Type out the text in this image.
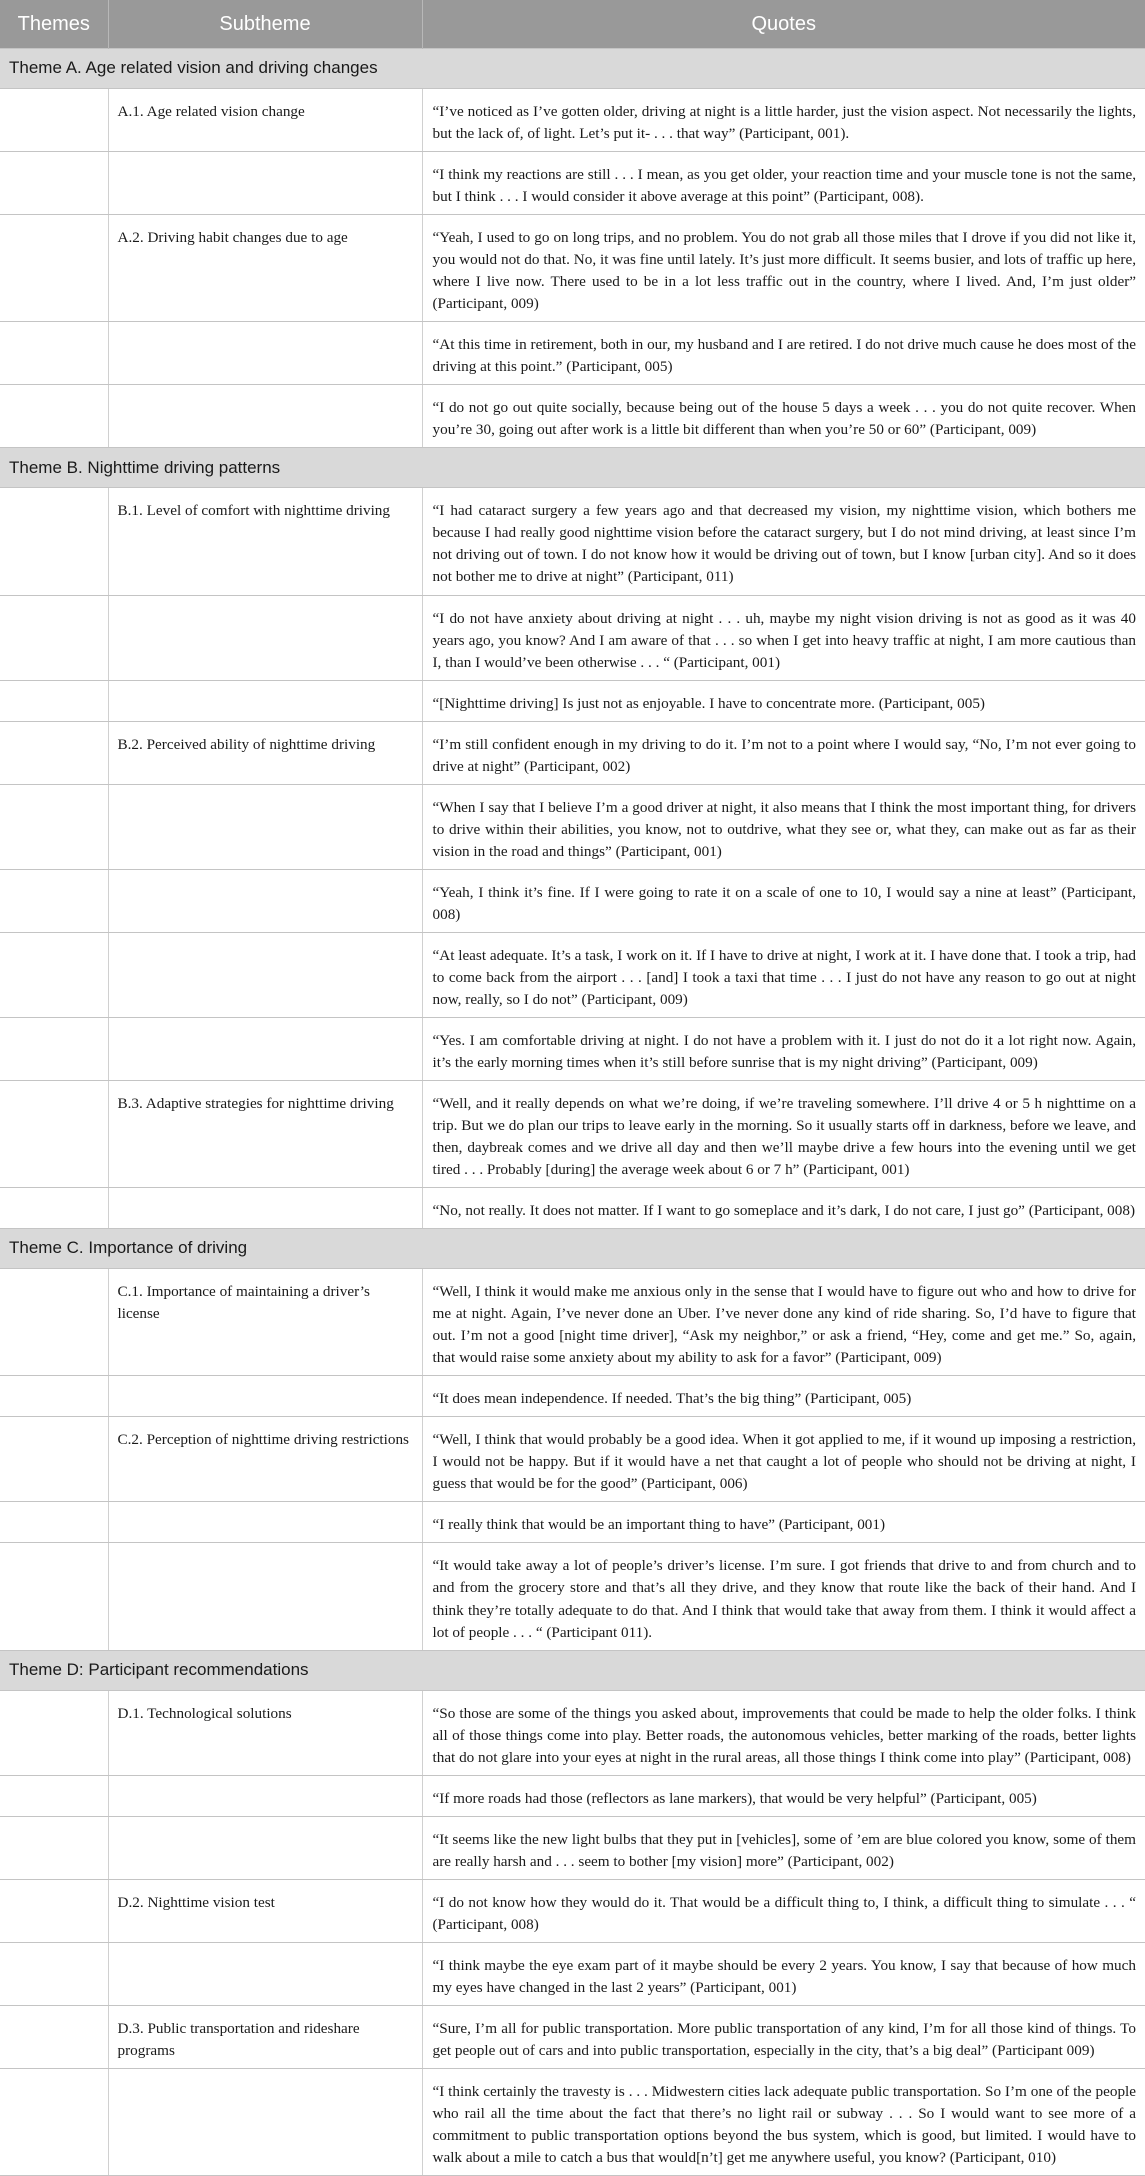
Themes	Subtheme	Quotes
Theme A. Age related vision and driving changes		
	A.1. Age related vision change	“I’ve noticed as I’ve gotten older, driving at night is a little harder, just the vision aspect. Not necessarily the lights, but the lack of, of light. Let’s put it- . . . that way” (Participant, 001).
		“I think my reactions are still . . . I mean, as you get older, your reaction time and your muscle tone is not the same, but I think . . . I would consider it above average at this point” (Participant, 008).
	A.2. Driving habit changes due to age	“Yeah, I used to go on long trips, and no problem. You do not grab all those miles that I drove if you did not like it, you would not do that. No, it was fine until lately. It’s just more difficult. It seems busier, and lots of traffic up here, where I live now. There used to be in a lot less traffic out in the country, where I lived. And, I’m just older” (Participant, 009)
		“At this time in retirement, both in our, my husband and I are retired. I do not drive much cause he does most of the driving at this point.” (Participant, 005)
		“I do not go out quite socially, because being out of the house 5 days a week . . . you do not quite recover. When you’re 30, going out after work is a little bit different than when you’re 50 or 60” (Participant, 009)
Theme B. Nighttime driving patterns		
	B.1. Level of comfort with nighttime driving	“I had cataract surgery a few years ago and that decreased my vision, my nighttime vision, which bothers me because I had really good nighttime vision before the cataract surgery, but I do not mind driving, at least since I’m not driving out of town. I do not know how it would be driving out of town, but I know [urban city]. And so it does not bother me to drive at night” (Participant, 011)
		“I do not have anxiety about driving at night . . . uh, maybe my night vision driving is not as good as it was 40 years ago, you know? And I am aware of that . . . so when I get into heavy traffic at night, I am more cautious than I, than I would’ve been otherwise . . . “ (Participant, 001)
		“[Nighttime driving] Is just not as enjoyable. I have to concentrate more. (Participant, 005)
	B.2. Perceived ability of nighttime driving	“I’m still confident enough in my driving to do it. I’m not to a point where I would say, “No, I’m not ever going to drive at night” (Participant, 002)
		“When I say that I believe I’m a good driver at night, it also means that I think the most important thing, for drivers to drive within their abilities, you know, not to outdrive, what they see or, what they, can make out as far as their vision in the road and things” (Participant, 001)
		“Yeah, I think it’s fine. If I were going to rate it on a scale of one to 10, I would say a nine at least” (Participant, 008)
		“At least adequate. It’s a task, I work on it. If I have to drive at night, I work at it. I have done that. I took a trip, had to come back from the airport . . . [and] I took a taxi that time . . . I just do not have any reason to go out at night now, really, so I do not” (Participant, 009)
		“Yes. I am comfortable driving at night. I do not have a problem with it. I just do not do it a lot right now. Again, it’s the early morning times when it’s still before sunrise that is my night driving” (Participant, 009)
	B.3. Adaptive strategies for nighttime driving	“Well, and it really depends on what we’re doing, if we’re traveling somewhere. I’ll drive 4 or 5 h nighttime on a trip. But we do plan our trips to leave early in the morning. So it usually starts off in darkness, before we leave, and then, daybreak comes and we drive all day and then we’ll maybe drive a few hours into the evening until we get tired . . . Probably [during] the average week about 6 or 7 h” (Participant, 001)
		“No, not really. It does not matter. If I want to go someplace and it’s dark, I do not care, I just go” (Participant, 008)
Theme C. Importance of driving		
	C.1. Importance of maintaining a driver’s license	“Well, I think it would make me anxious only in the sense that I would have to figure out who and how to drive for me at night. Again, I’ve never done an Uber. I’ve never done any kind of ride sharing. So, I’d have to figure that out. I’m not a good [night time driver], “Ask my neighbor,” or ask a friend, “Hey, come and get me.” So, again, that would raise some anxiety about my ability to ask for a favor” (Participant, 009)
		“It does mean independence. If needed. That’s the big thing” (Participant, 005)
	C.2. Perception of nighttime driving restrictions	“Well, I think that would probably be a good idea. When it got applied to me, if it wound up imposing a restriction, I would not be happy. But if it would have a net that caught a lot of people who should not be driving at night, I guess that would be for the good” (Participant, 006)
		“I really think that would be an important thing to have” (Participant, 001)
		“It would take away a lot of people’s driver’s license. I’m sure. I got friends that drive to and from church and to and from the grocery store and that’s all they drive, and they know that route like the back of their hand. And I think they’re totally adequate to do that. And I think that would take that away from them. I think it would affect a lot of people . . . “ (Participant 011).
Theme D: Participant recommendations		
	D.1. Technological solutions	“So those are some of the things you asked about, improvements that could be made to help the older folks. I think all of those things come into play. Better roads, the autonomous vehicles, better marking of the roads, better lights that do not glare into your eyes at night in the rural areas, all those things I think come into play” (Participant, 008)
		“If more roads had those (reflectors as lane markers), that would be very helpful” (Participant, 005)
		“It seems like the new light bulbs that they put in [vehicles], some of ’em are blue colored you know, some of them are really harsh and . . . seem to bother [my vision] more” (Participant, 002)
	D.2. Nighttime vision test	“I do not know how they would do it. That would be a difficult thing to, I think, a difficult thing to simulate . . . “ (Participant, 008)
		“I think maybe the eye exam part of it maybe should be every 2 years. You know, I say that because of how much my eyes have changed in the last 2 years” (Participant, 001)
	D.3. Public transportation and rideshare programs	“Sure, I’m all for public transportation. More public transportation of any kind, I’m for all those kind of things. To get people out of cars and into public transportation, especially in the city, that’s a big deal” (Participant 009)
		“I think certainly the travesty is . . . Midwestern cities lack adequate public transportation. So I’m one of the people who rail all the time about the fact that there’s no light rail or subway . . . So I would want to see more of a commitment to public transportation options beyond the bus system, which is good, but limited. I would have to walk about a mile to catch a bus that would[n’t] get me anywhere useful, you know? (Participant, 010)
